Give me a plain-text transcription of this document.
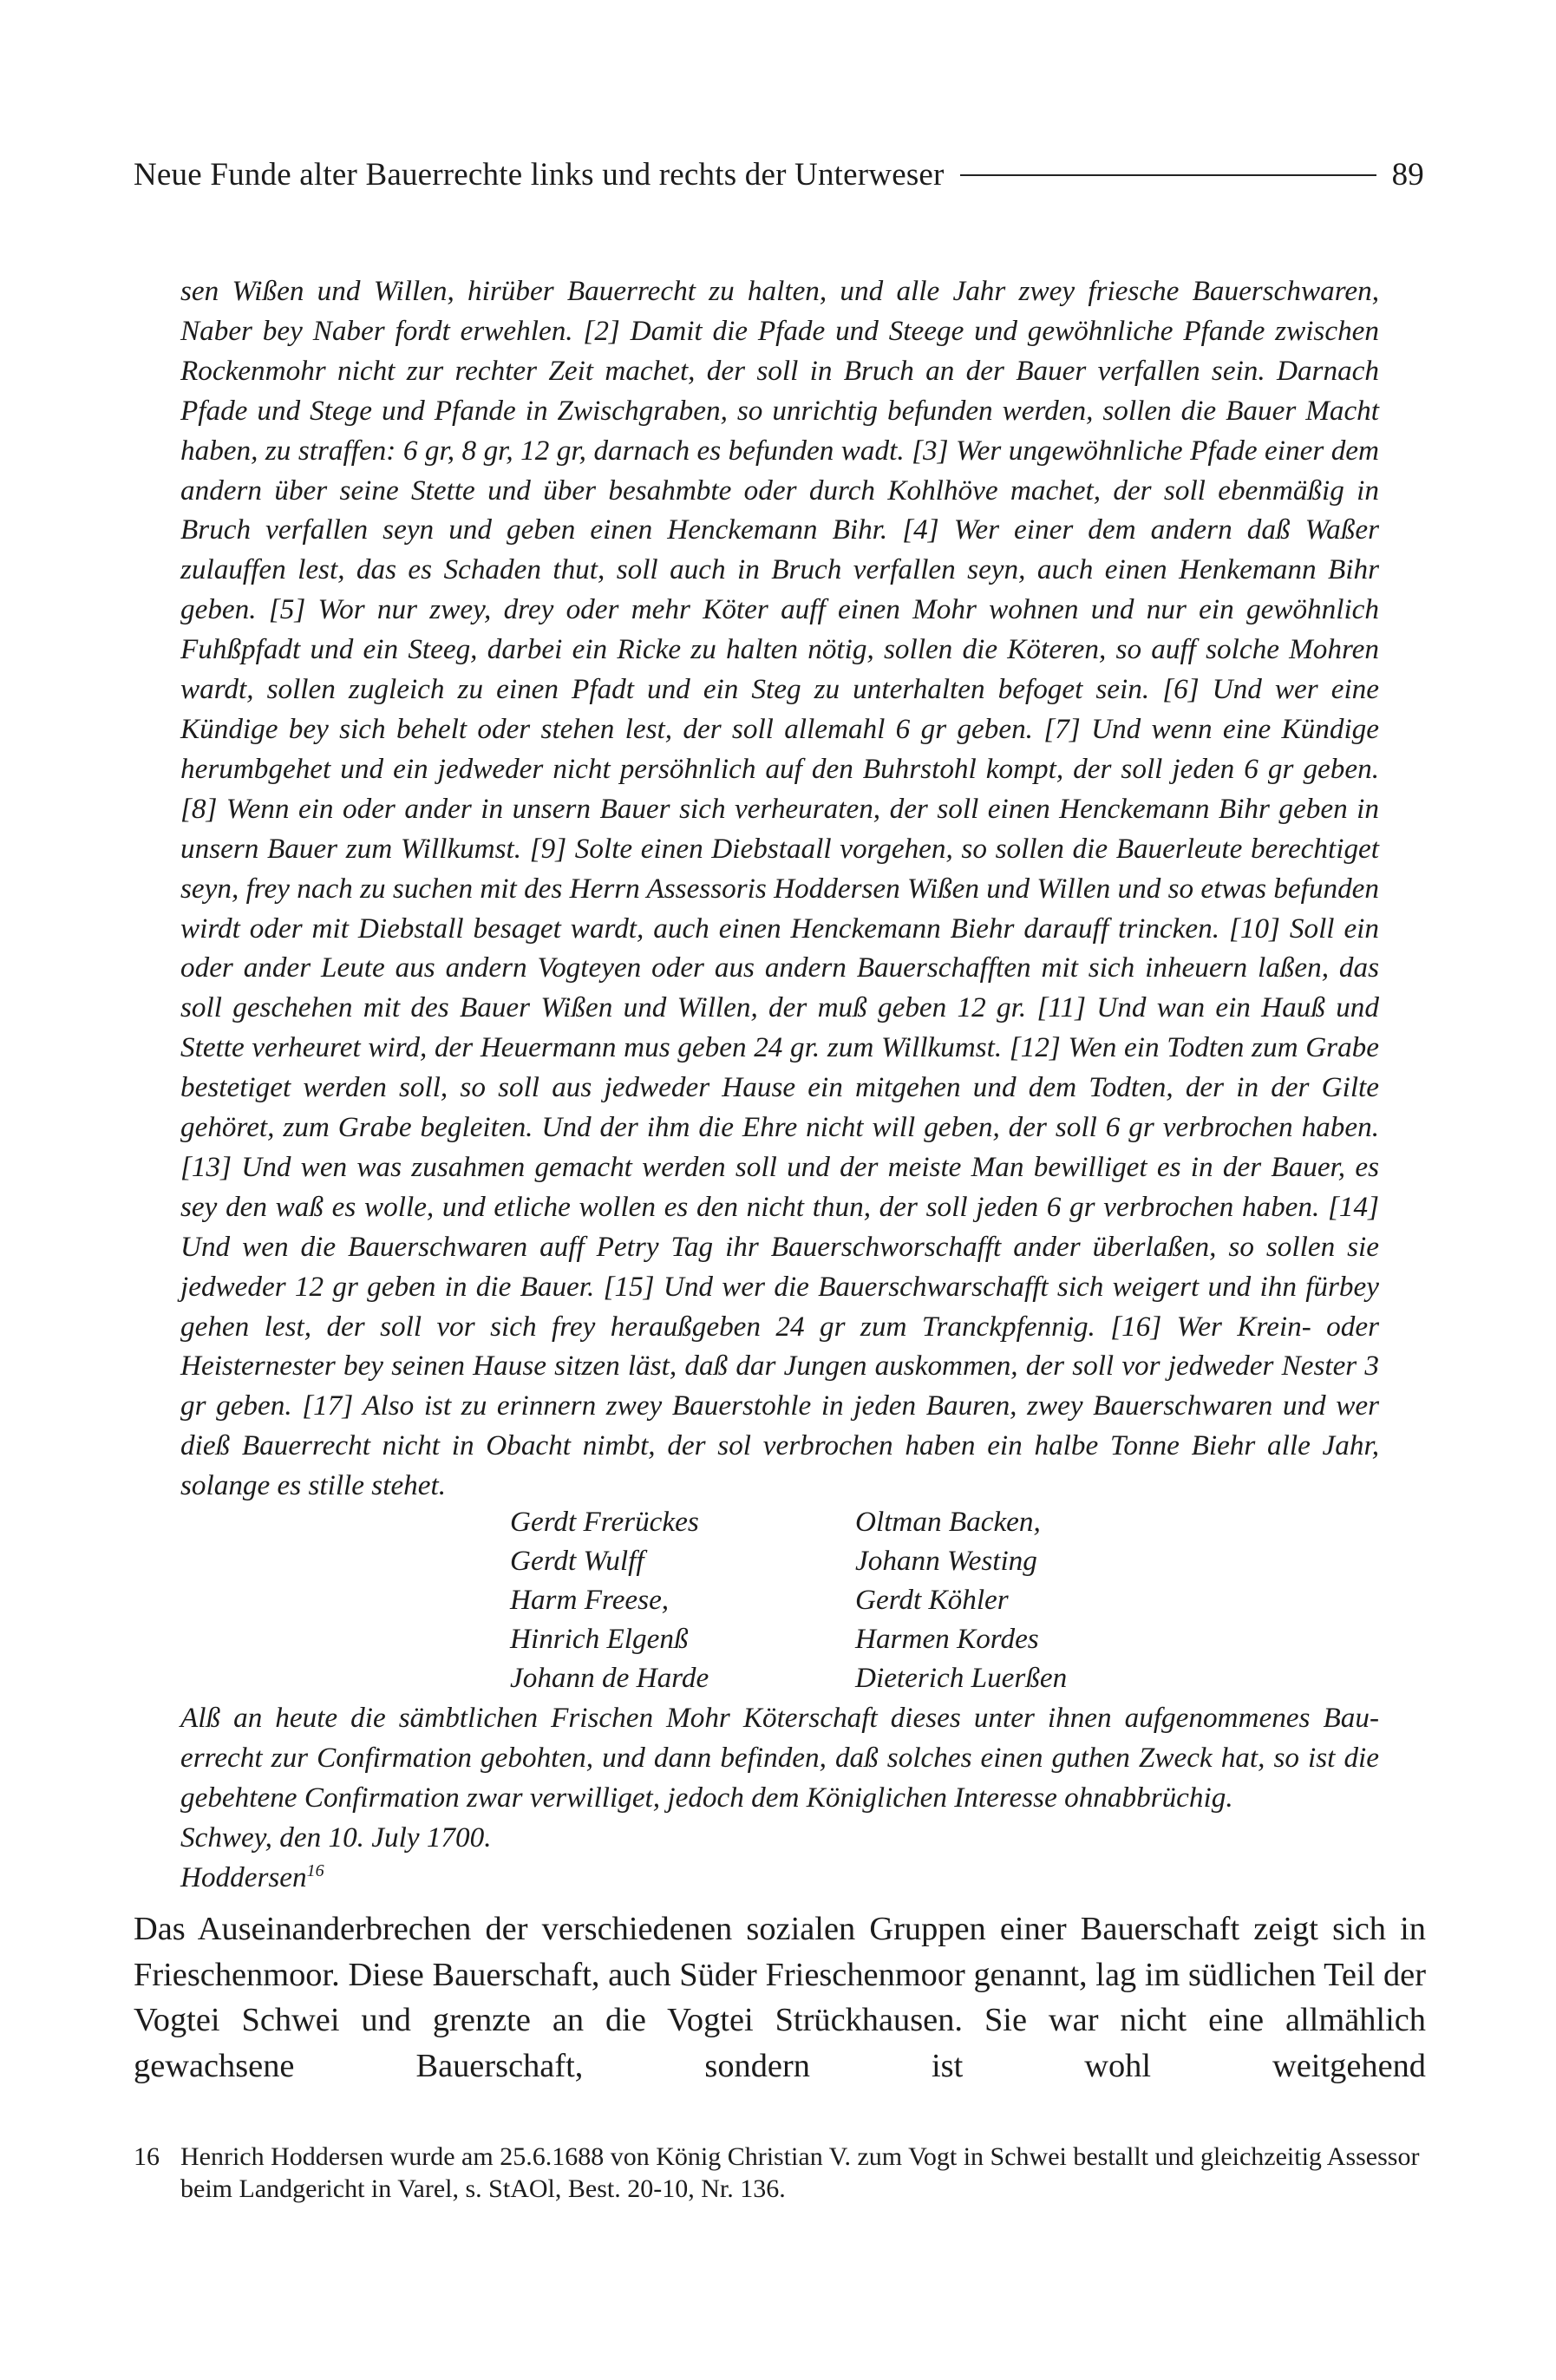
Neue Funde alter Bauerrechte links und rechts der Unterweser	89

sen Wißen und Willen, hirüber Bauerrecht zu halten, und alle Jahr zwey friesche Bauerschwaren, Naber bey Naber fordt erwehlen. [2] Damit die Pfade und Steege und gewöhnliche Pfande zwischen Rockenmohr nicht zur rechter Zeit machet, der soll in Bruch an der Bauer verfallen sein. Darnach Pfade und Stege und Pfande in Zwischgraben, so unrichtig befunden werden, sollen die Bauer Macht haben, zu straffen: 6 gr, 8 gr, 12 gr, darnach es befunden wadt. [3] Wer ungewöhnliche Pfade einer dem andern über seine Stette und über besahmbte oder durch Kohlhöve machet, der soll ebenmäßig in Bruch verfallen seyn und geben einen Henckemann Bihr. [4] Wer einer dem andern daß Waßer zulauffen lest, das es Schaden thut, soll auch in Bruch verfallen seyn, auch einen Henkemann Bihr geben. [5] Wor nur zwey, drey oder mehr Köter auff einen Mohr wohnen und nur ein gewöhnlich Fuhßpfadt und ein Steeg, darbei ein Ricke zu halten nötig, sollen die Köteren, so auff solche Mohren wardt, sollen zugleich zu einen Pfadt und ein Steg zu unterhalten befoget sein. [6] Und wer eine Kündige bey sich behelt oder stehen lest, der soll allemahl 6 gr geben. [7] Und wenn eine Kündige herumbgehet und ein jedweder nicht persöhnlich auf den Buhrstohl kompt, der soll jeden 6 gr geben. [8] Wenn ein oder ander in unsern Bauer sich verheuraten, der soll einen Henckemann Bihr geben in unsern Bauer zum Willkumst. [9] Solte einen Diebstaall vorgehen, so sollen die Bauerleute berechtiget seyn, frey nach zu suchen mit des Herrn Assessoris Hoddersen Wißen und Willen und so etwas befunden wirdt oder mit Diebstall besaget wardt, auch einen Henckemann Biehr darauff trincken. [10] Soll ein oder ander Leute aus andern Vogteyen oder aus andern Bauerschafften mit sich inheuern laßen, das soll geschehen mit des Bauer Wißen und Willen, der muß geben 12 gr. [11] Und wan ein Hauß und Stette verheuret wird, der Heuermann mus geben 24 gr. zum Willkumst. [12] Wen ein Todten zum Grabe bestetiget werden soll, so soll aus jedweder Hause ein mitgehen und dem Todten, der in der Gilte gehöret, zum Grabe begleiten. Und der ihm die Ehre nicht will geben, der soll 6 gr verbrochen haben. [13] Und wen was zusahmen gemacht werden soll und der meiste Man bewilliget es in der Bauer, es sey den waß es wolle, und etliche wollen es den nicht thun, der soll jeden 6 gr verbrochen haben. [14] Und wen die Bauerschwaren auff Petry Tag ihr Bauerschworschafft ander überlaßen, so sollen sie jedweder 12 gr geben in die Bauer. [15] Und wer die Bauerschwarschafft sich weigert und ihn fürbey gehen lest, der soll vor sich frey heraußgeben 24 gr zum Tranckpfennig. [16] Wer Krein- oder Heisternester bey seinen Hause sitzen läst, daß dar Jungen auskommen, der soll vor jedweder Nester 3 gr geben. [17] Also ist zu erinnern zwey Bauerstohle in jeden Bauren, zwey Bauerschwaren und wer dieß Bauerrecht nicht in Obacht nimbt, der sol verbrochen haben ein halbe Tonne Biehr alle Jahr, solange es stille stehet.

Gerdt Frerückes	Oltman Backen,
Gerdt Wulff	Johann Westing
Harm Freese,	Gerdt Köhler
Hinrich Elgenß	Harmen Kordes
Johann de Harde	Dieterich Luerßen

Alß an heute die sämbtlichen Frischen Mohr Köterschaft dieses unter ihnen aufgenommenes Bauerrecht zur Confirmation gebohten, und dann befinden, daß solches einen guthen Zweck hat, so ist die gebehtene Confirmation zwar verwilliget, jedoch dem Königlichen Interesse ohnabbrüchig.

Schwey, den 10. July 1700.

Hoddersen$^{16}$

Das Auseinanderbrechen der verschiedenen sozialen Gruppen einer Bauerschaft zeigt sich in Frieschenmoor. Diese Bauerschaft, auch Süder Frieschenmoor genannt, lag im südlichen Teil der Vogtei Schwei und grenzte an die Vogtei Strückhausen. Sie war nicht eine allmählich gewachsene Bauerschaft, sondern ist wohl weitgehend

16 Henrich Hoddersen wurde am 25.6.1688 von König Christian V. zum Vogt in Schwei bestallt und gleichzeitig Assessor beim Landgericht in Varel, s. StAOl, Best. 20-10, Nr. 136.
